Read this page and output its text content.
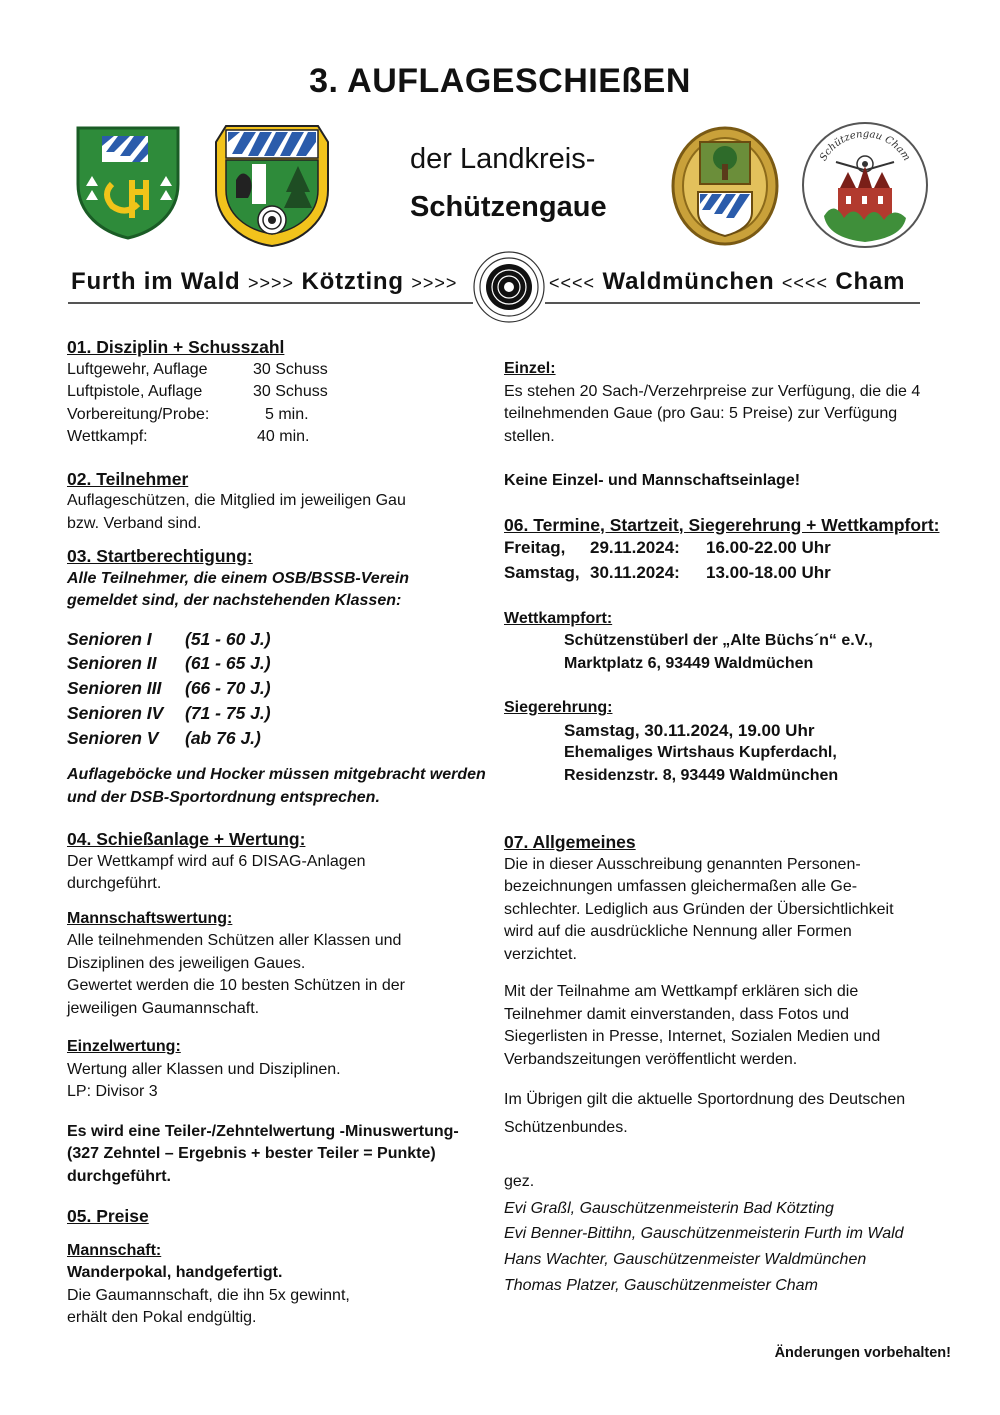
3. AUFLAGESCHIEßEN
der Landkreis-
Schützengaue
Schützengau Cham
Furth im Wald >>>> Kötzting >>>>	<<<< Waldmünchen <<<< Cham
01. Disziplin + Schusszahl
Luftgewehr, Auflage	30 Schuss
Luftpistole, Auflage	30 Schuss
Vorbereitung/Probe:	5 min.
Wettkampf:	40 min.
02. Teilnehmer
Auflageschützen, die Mitglied im jeweiligen Gau
bzw. Verband sind.
03. Startberechtigung:
Alle Teilnehmer, die einem OSB/BSSB-Verein
gemeldet sind, der nachstehenden Klassen:
Senioren I	(51 - 60 J.)
Senioren II	(61 - 65 J.)
Senioren III	(66 - 70 J.)
Senioren IV	(71 - 75 J.)
Senioren V	(ab 76 J.)
Auflageböcke und Hocker müssen mitgebracht werden
und der DSB-Sportordnung entsprechen.
04. Schießanlage + Wertung:
Der Wettkampf wird auf 6 DISAG-Anlagen
durchgeführt.
Mannschaftswertung:
Alle teilnehmenden Schützen aller Klassen und
Disziplinen des jeweiligen Gaues.
Gewertet werden die 10 besten Schützen in der
jeweiligen Gaumannschaft.
Einzelwertung:
Wertung aller Klassen und Disziplinen.
LP: Divisor 3
Es wird eine Teiler-/Zehntelwertung -Minuswertung-
(327 Zehntel – Ergebnis + bester Teiler = Punkte)
durchgeführt.
05. Preise
Mannschaft:
Wanderpokal, handgefertigt.
Die Gaumannschaft, die ihn 5x gewinnt,
erhält den Pokal endgültig.
Einzel:
Es stehen 20 Sach-/Verzehrpreise zur Verfügung, die die 4
teilnehmenden Gaue (pro Gau: 5 Preise) zur Verfügung
stellen.
Keine Einzel- und Mannschaftseinlage!
06. Termine, Startzeit, Siegerehrung + Wettkampfort:
Freitag,	29.11.2024:	16.00-22.00 Uhr
Samstag, 30.11.2024:	13.00-18.00 Uhr
Wettkampfort:
Schützenstüberl der „Alte Büchs´n“ e.V.,
Marktplatz 6, 93449 Waldmüchen
Siegerehrung:
Samstag, 30.11.2024, 19.00 Uhr
Ehemaliges Wirtshaus Kupferdachl,
Residenzstr. 8, 93449 Waldmünchen
07. Allgemeines
Die in dieser Ausschreibung genannten Personen-
bezeichnungen umfassen gleichermaßen alle Ge-
schlechter. Lediglich aus Gründen der Übersichtlichkeit
wird auf die ausdrückliche Nennung aller Formen
verzichtet.
Mit der Teilnahme am Wettkampf erklären sich die
Teilnehmer damit einverstanden, dass Fotos und
Siegerlisten in Presse, Internet, Sozialen Medien und
Verbandszeitungen veröffentlicht werden.
Im Übrigen gilt die aktuelle Sportordnung des Deutschen
Schützenbundes.
gez.
Evi Graßl, Gauschützenmeisterin Bad Kötzting
Evi Benner-Bittihn, Gauschützenmeisterin Furth im Wald
Hans Wachter, Gauschützenmeister Waldmünchen
Thomas Platzer, Gauschützenmeister Cham
Änderungen vorbehalten!
